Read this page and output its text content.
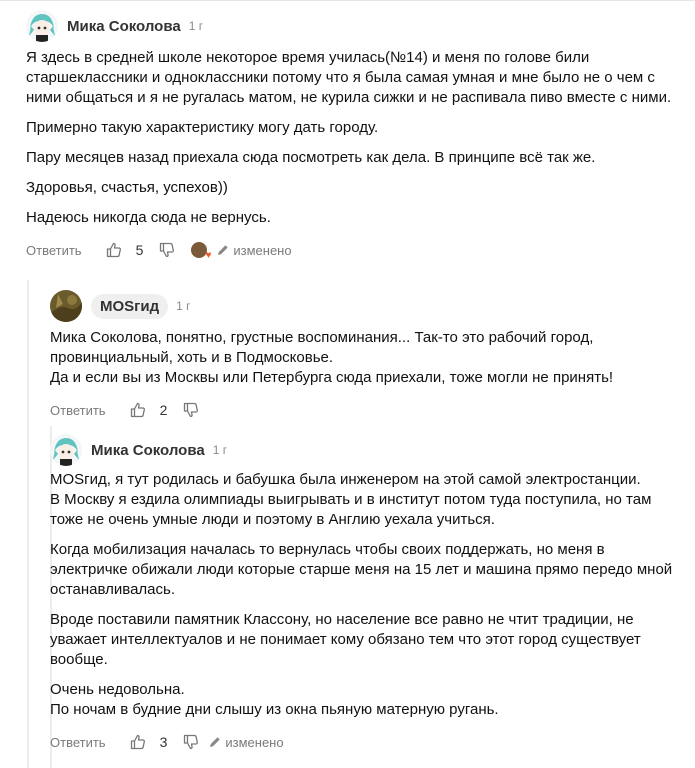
Мика Соколова 1 г

Я здесь в средней школе некоторое время училась(№14) и меня по голове били старшеклассники и одноклассники потому что я была самая умная и мне было не о чем с ними общаться и я не ругалась матом, не курила сижки и не распивала пиво вместе с ними.

Примерно такую характеристику могу дать городу.

Пару месяцев назад приехала сюда посмотреть как дела. В принципе всё так же.

Здоровья, счастья, успехов))

Надеюсь никогда сюда не вернусь.

Ответить	5	♥ изменено
MOSгид	1 г

Мика Соколова, понятно, грустные воспоминания... Так-то это рабочий город, провинциальный, хоть и в Подмосковье.

Да и если вы из Москвы или Петербурга сюда приехали, тоже могли не принять!

Ответить	2
Мика Соколова 1 г

MOSгид, я тут родилась и бабушка была инженером на этой самой электростанции.

В Москву я ездила олимпиады выигрывать и в институт потом туда поступила, но там тоже не очень умные люди и поэтому в Англию уехала учиться.

Когда мобилизация началась то вернулась чтобы своих поддержать, но меня в электричке обижали люди которые старше меня на 15 лет и машина прямо передо мной останавливалась.

Вроде поставили памятник Классону, но население все равно не чтит традиции, не уважает интеллектуалов и не понимает кому обязано тем что этот город существует вообще.

Очень недовольна.

По ночам в будние дни слышу из окна пьяную матерную ругань.

Ответить	3	изменено
